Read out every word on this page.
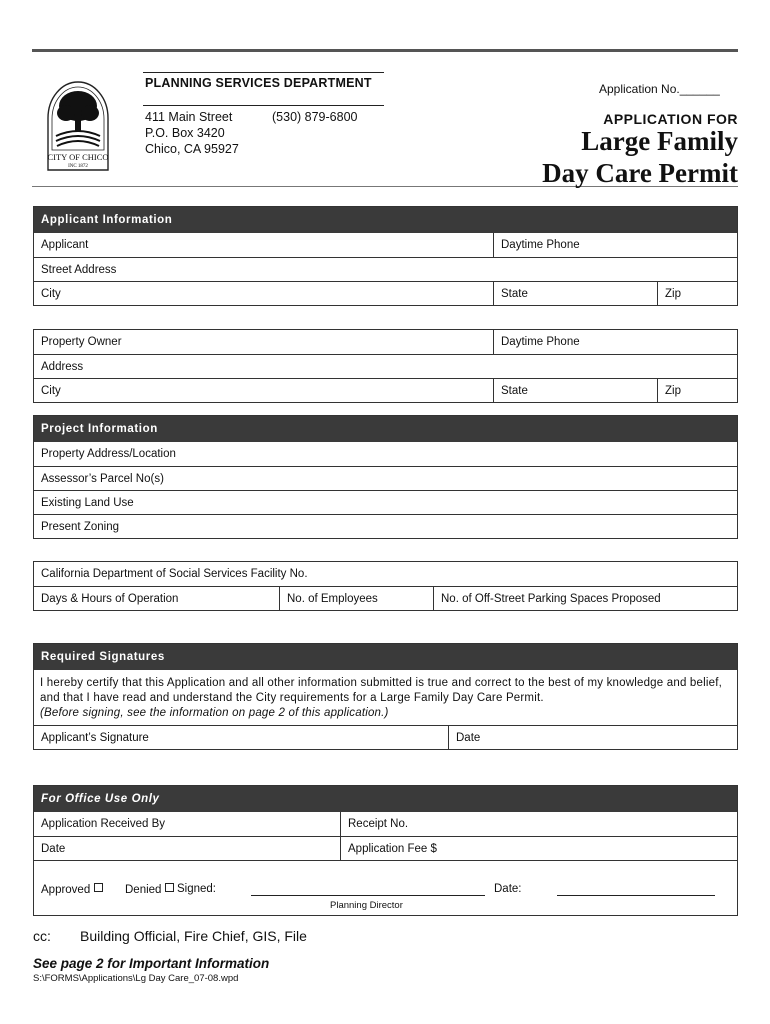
CITY OF CHICO
INC 1872
PLANNING SERVICES DEPARTMENT
411 Main Street	(530) 879-6800
P.O. Box 3420
Chico, CA 95927
Application No.______
APPLICATION FOR
Large Family
Day Care Permit
Applicant Information
Applicant	Daytime Phone
Street Address
City	State	Zip
Property Owner	Daytime Phone
Address
City	State	Zip
Project Information
Property Address/Location
Assessor’s Parcel No(s)
Existing Land Use
Present Zoning
California Department of Social Services Facility No.
Days & Hours of Operation	No. of Employees	No. of Off-Street Parking Spaces Proposed
Required Signatures
I hereby certify that this Application and all other information submitted is true and correct to the best of my knowledge and belief, and that I have read and understand the City requirements for a Large Family Day Care Permit.
(Before signing, see the information on page 2 of this application.)
Applicant’s Signature	Date
For Office Use Only
Application Received By	Receipt No.
Date	Application Fee $
Approved	Denied	Signed:	Date:
Planning Director
cc: Building Official, Fire Chief, GIS, File
See page 2 for Important Information
S:\FORMS\Applications\Lg Day Care_07-08.wpd
